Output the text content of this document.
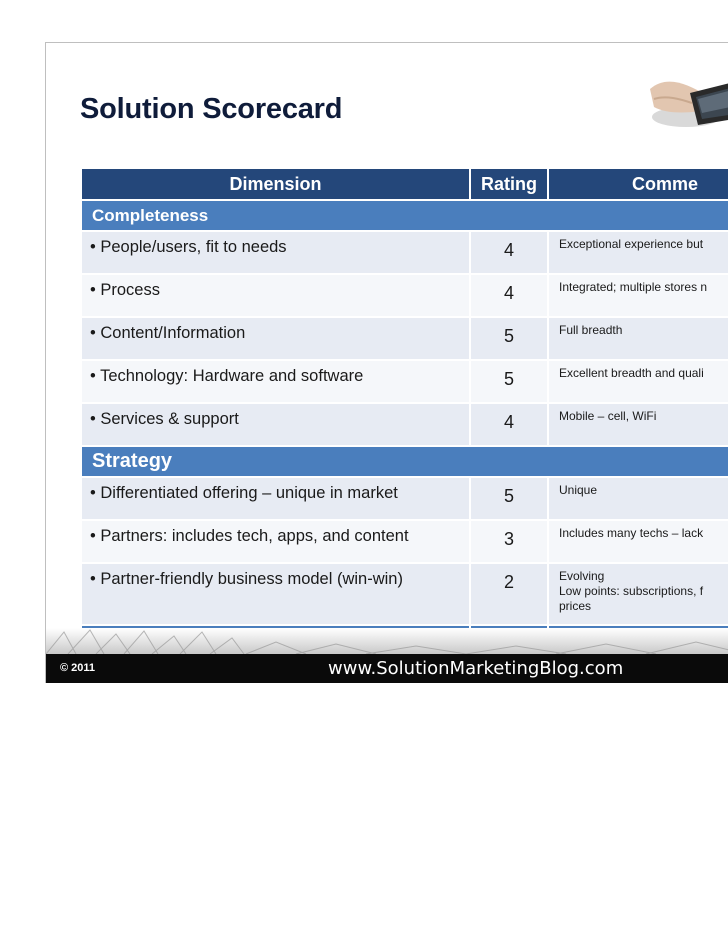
Solution Scorecard
Dimension	Rating	Comme
Completeness		
• People/users, fit to needs	4	Exceptional experience but

• Process	4	Integrated; multiple stores n

• Content/Information	5	Full breadth

• Technology: Hardware and software	5	Excellent breadth and quali

• Services & support	4	Mobile – cell, WiFi

Strategy		
• Differentiated offering – unique in market	5	Unique

• Partners: includes tech, apps, and content	3	Includes many techs – lack

• Partner-friendly business model (win-win)	2	Evolving
Low points: subscriptions, f
prices

© 2011	www.SolutionMarketingBlog.com
